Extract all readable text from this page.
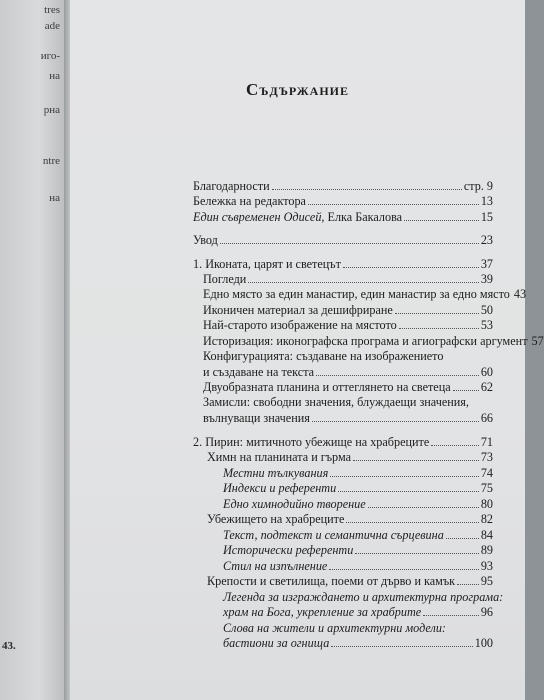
tres
ade
иго-
на
рна
ntre
на
43.
Съдържание
Благодарности	стр. 9
Бележка на редактора	13
Един съвременен Одисей, Елка Бакалова	15
Увод	23
1. Иконата, царят и светецът	37
Погледи	39
Едно място за един манастир, един манастир за едно място 43
Иконичен материал за дешифриране	50
Най-старото изображение на мястото	53
Историзация: иконографска програма и агиографски аргумент 57
Конфигурацията: създаване на изображението
и създаване на текста	60
Двуобразната планина и оттеглянето на светеца 62
Замисли: свободни значения, блуждаещи значения,
вълнуващи значения	66
2. Пирин: митичното убежище на храбреците	71
Химн на планината и гърма	73
Местни тълкувания	74
Индекси и референти	75
Едно химнодийно творение	80
Убежището на храбреците	82
Текст, подтекст и семантична сърцевина	84
Исторически референти	89
Стил на изпълнение	93
Крепости и светилища, поеми от дърво и камък 95
Легенда за изграждането и архитектурна програма:
храм на Бога, укрепление за храбрите	96
Слова на жители и архитектурни модели:
бастиони за огнища	100
